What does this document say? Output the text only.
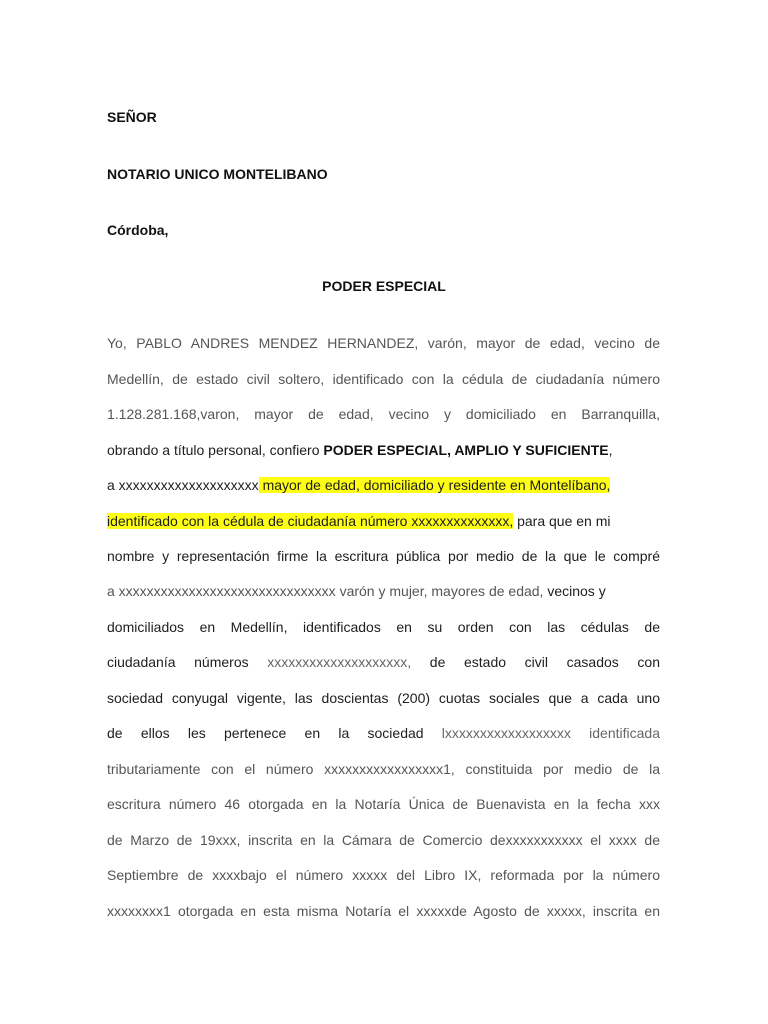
SEÑOR

NOTARIO UNICO MONTELIBANO

Córdoba,

PODER ESPECIAL

Yo, PABLO ANDRES MENDEZ HERNANDEZ, varón, mayor de edad, vecino de
Medellín, de estado civil soltero, identificado con la cédula de ciudadanía número
1.128.281.168,varon, mayor de edad, vecino y domiciliado en Barranquilla,
obrando a título personal, confiero PODER ESPECIAL, AMPLIO Y SUFICIENTE,
a xxxxxxxxxxxxxxxxxxxx mayor de edad, domiciliado y residente en Montelíbano,
identificado con la cédula de ciudadanía número xxxxxxxxxxxxxx, para que en mi
nombre y representación firme la escritura pública por medio de la que le compré
a xxxxxxxxxxxxxxxxxxxxxxxxxxxxxxx varón y mujer, mayores de edad, vecinos y
domiciliados en Medellín, identificados en su orden con las cédulas de
ciudadanía números xxxxxxxxxxxxxxxxxxxx, de estado civil casados con
sociedad conyugal vigente, las doscientas (200) cuotas sociales que a cada uno
de ellos les pertenece en la sociedad lxxxxxxxxxxxxxxxxxx identificada
tributariamente con el número xxxxxxxxxxxxxxxxx1, constituida por medio de la
escritura número 46 otorgada en la Notaría Única de Buenavista en la fecha xxx
de Marzo de 19xxx, inscrita en la Cámara de Comercio dexxxxxxxxxxx el xxxx de
Septiembre de xxxxbajo el número xxxxx del Libro IX, reformada por la número
xxxxxxxx1 otorgada en esta misma Notaría el xxxxxde Agosto de xxxxx, inscrita en
